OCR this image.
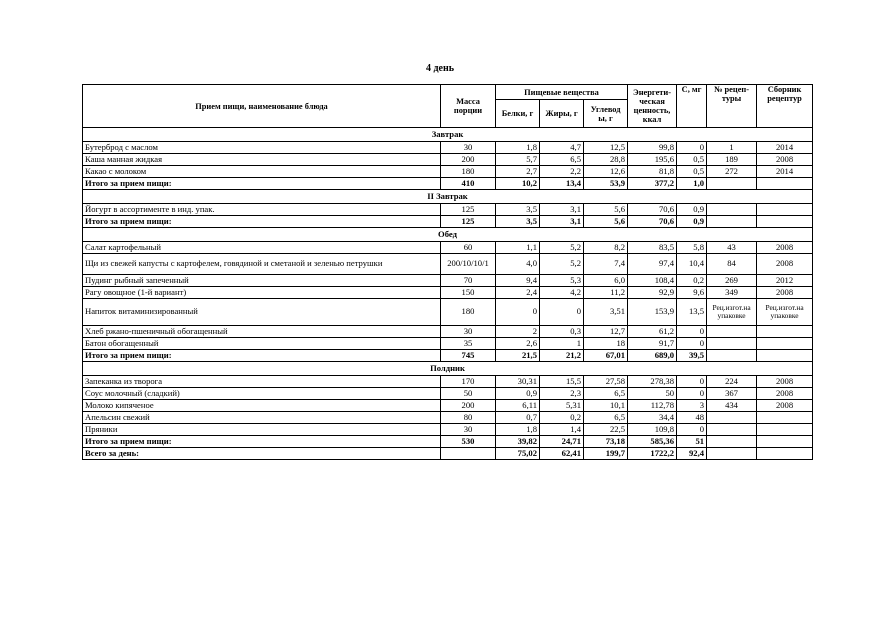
4 день
Прием пищи, наименование блюда	Масса порции	Пищевые вещества			Энергети-ческая ценность, ккал	С, мг	№ рецеп-туры	Сборник рецептур
		Белки, г	Жиры, г	Углевод ы, г				
Завтрак								
Бутерброд с маслом	30	1,8	4,7	12,5	99,8	0	1	2014
Каша манная жидкая	200	5,7	6,5	28,8	195,6	0,5	189	2008
Какао с молоком	180	2,7	2,2	12,6	81,8	0,5	272	2014
Итого за прием пищи:	410	10,2	13,4	53,9	377,2	1,0		
II Завтрак								
Йогурт в ассортименте в инд. упак.	125	3,5	3,1	5,6	70,6	0,9		
Итого за прием пищи:	125	3,5	3,1	5,6	70,6	0,9		
Обед								
Салат картофельный	60	1,1	5,2	8,2	83,5	5,8	43	2008
Щи из свежей капусты с картофелем, говядиной и сметаной и зеленью петрушки	200/10/10/1	4,0	5,2	7,4	97,4	10,4	84	2008
Пудинг рыбный запеченный	70	9,4	5,3	6,0	108,4	0,2	269	2012
Рагу овощное (1-й вариант)	150	2,4	4,2	11,2	92,9	9,6	349	2008
Напиток витаминизированный	180	0	0	3,51	153,9	13,5	Рец.изгот.на упаковке	Рец.изгот.на упаковке
Хлеб ржано-пшеничный обогащенный	30	2	0,3	12,7	61,2	0		
Батон обогащенный	35	2,6	1	18	91,7	0		
Итого за прием пищи:	745	21,5	21,2	67,01	689,0	39,5		
Полдник								
Запеканка из творога	170	30,31	15,5	27,58	278,38	0	224	2008
Соус молочный (сладкий)	50	0,9	2,3	6,5	50	0	367	2008
Молоко кипяченое	200	6,11	5,31	10,1	112,78	3	434	2008
Апельсин свежий	80	0,7	0,2	6,5	34,4	48		
Пряники	30	1,8	1,4	22,5	109,8	0		
Итого за прием пищи:	530	39,82	24,71	73,18	585,36	51		
Всего за день:		75,02	62,41	199,7	1722,2	92,4		
